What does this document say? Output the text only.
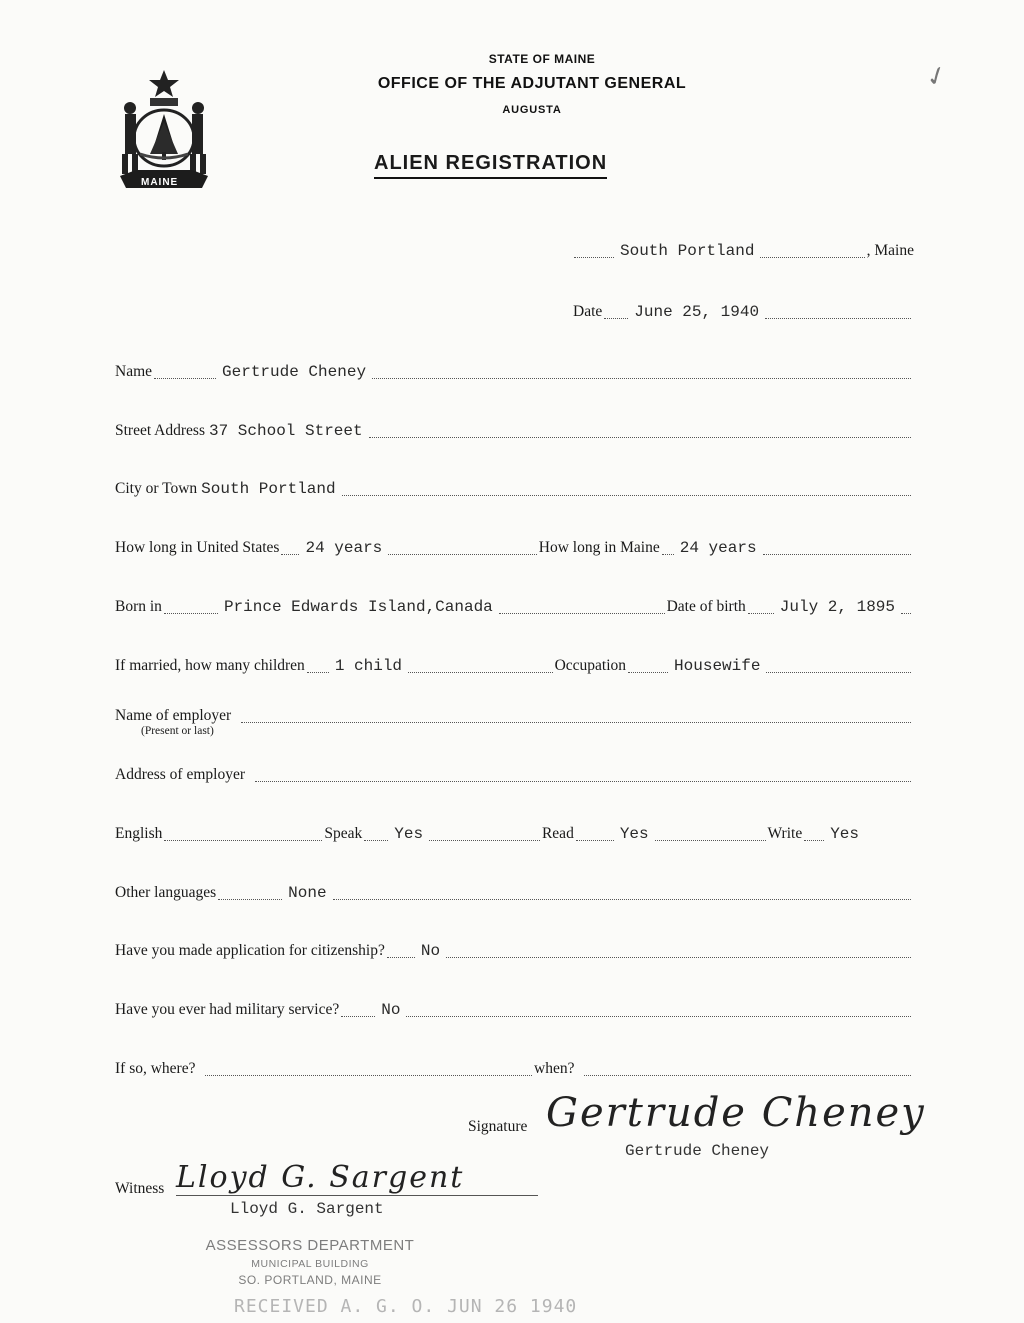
MAINE
STATE OF MAINE
OFFICE OF THE ADJUTANT GENERAL
AUGUSTA
ALIEN REGISTRATION
✓
South Portland	, Maine
Date June 25, 1940
Name	Gertrude Cheney
Street Address 37 School Street
City or Town South Portland
How long in United States 24 years	How long in Maine 24 years
Born in	Prince Edwards Island,Canada	Date of birth July 2, 1895
If married, how many children 1 child	Occupation	Housewife
Name of employer
(Present or last)
Address of employer
English	Speak Yes	Read	Yes	Write Yes
Other languages	None
Have you made application for citizenship? No
Have you ever had military service?	No
If so, where?	when?
Signature Gertrude Cheney
Gertrude Cheney
Witness Lloyd G. Sargent
Lloyd G. Sargent
ASSESSORS DEPARTMENT
MUNICIPAL BUILDING
SO. PORTLAND, MAINE
RECEIVED A. G. O. JUN 26 1940
